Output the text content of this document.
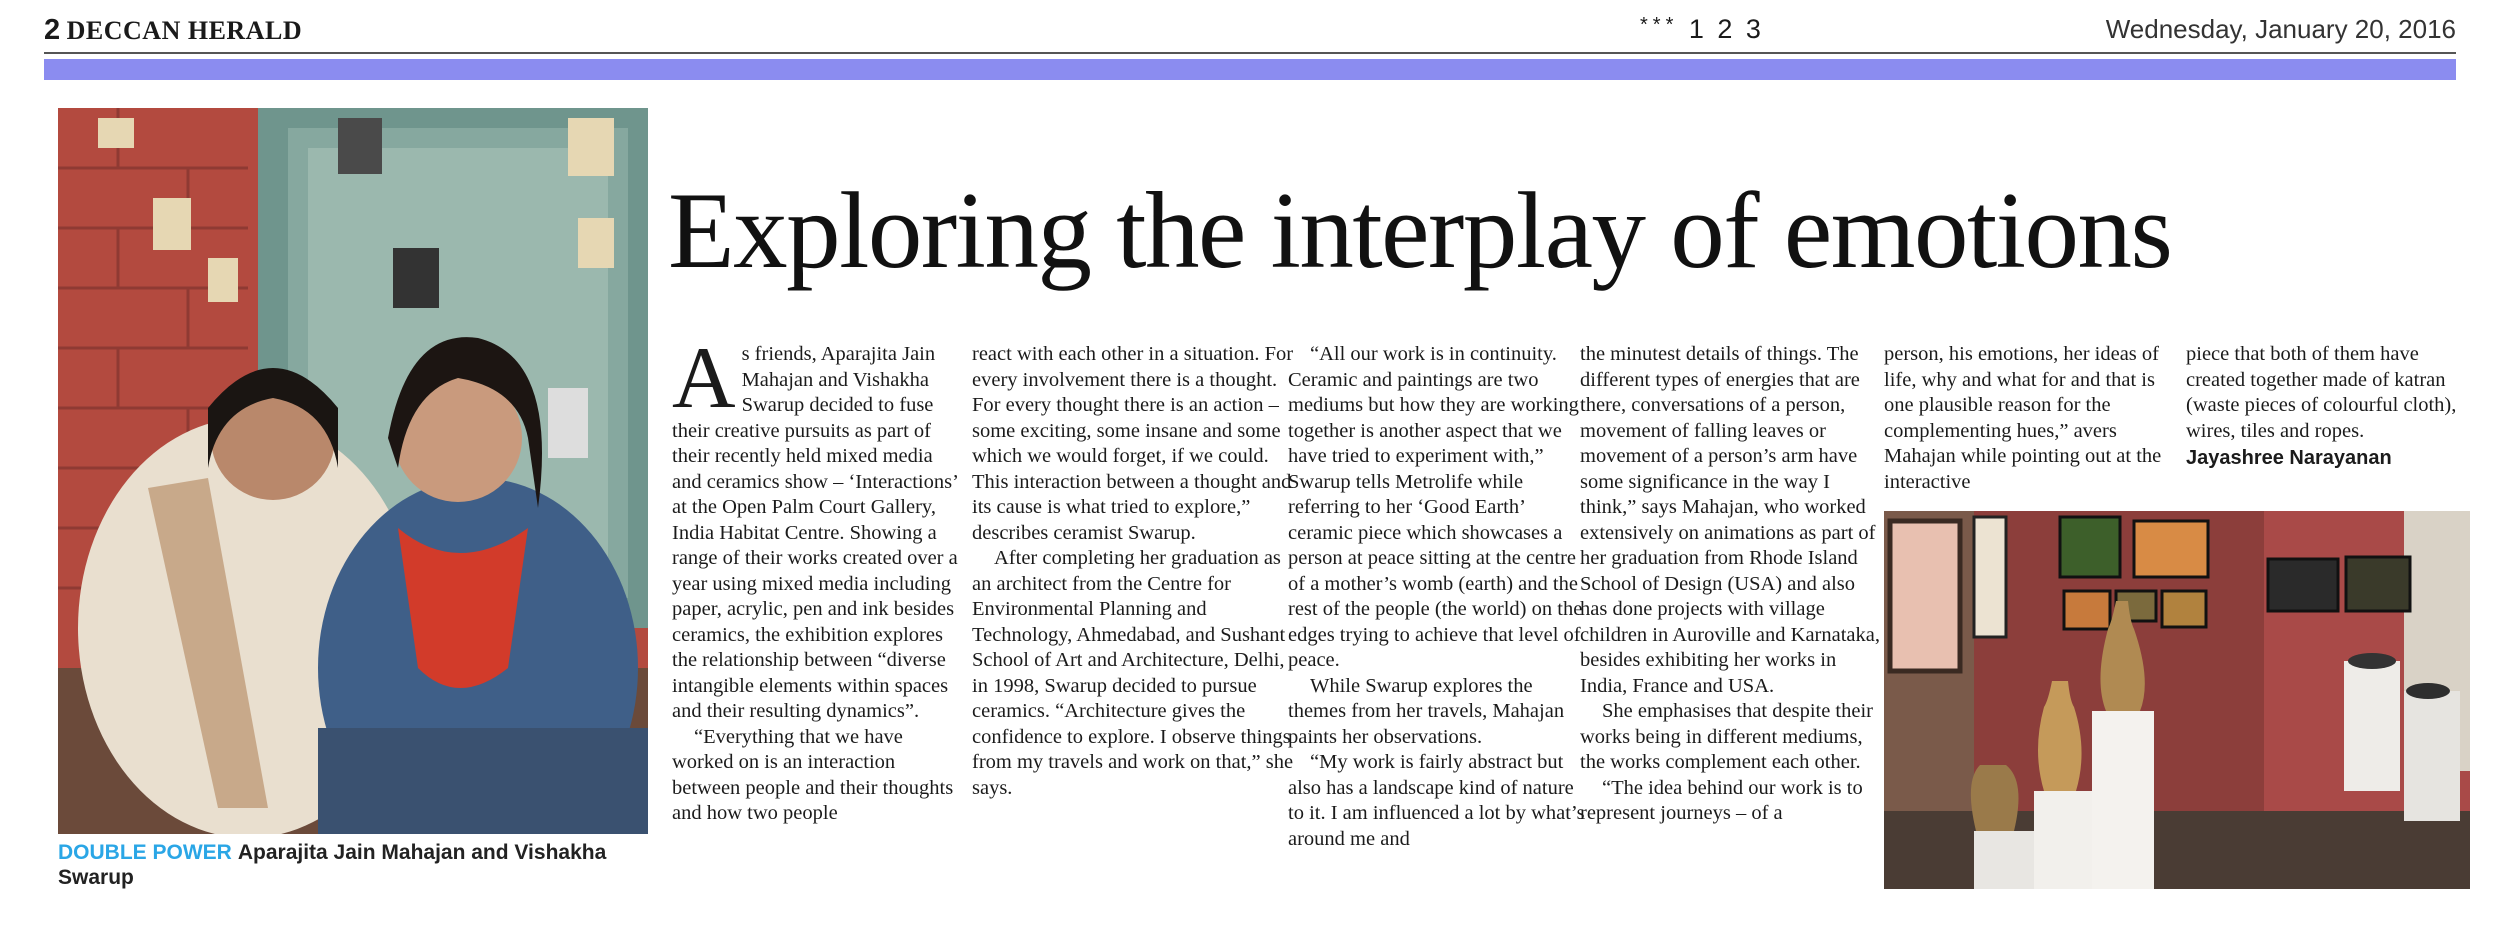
2 DECCAN HERALD	*** 1 2 3	Wednesday, January 20, 2016
DOUBLE POWER Aparajita Jain Mahajan and Vishakha Swarup
Exploring the interplay of emotions

As friends, Aparajita Jain Mahajan and Vishakha Swarup decided to fuse their creative pursuits as part of their recently held mixed media and ceramics show – ‘Interactions’ at the Open Palm Court Gallery, India Habitat Centre. Showing a range of their works created over a year using mixed media including paper, acrylic, pen and ink besides ceramics, the exhibition explores the relationship between “diverse intangible elements within spaces and their resulting dynamics”.

“Everything that we have worked on is an interaction between people and their thoughts and how two people

react with each other in a situation. For every involvement there is a thought. For every thought there is an action – some exciting, some insane and some which we would forget, if we could. This interaction between a thought and its cause is what tried to explore,” describes ceramist Swarup.

After completing her graduation as an architect from the Centre for Environmental Planning and Technology, Ahmedabad, and Sushant School of Art and Architecture, Delhi, in 1998, Swarup decided to pursue ceramics. “Architecture gives the confidence to explore. I observe things from my travels and work on that,” she says.

“All our work is in continuity. Ceramic and paintings are two mediums but how they are working together is another aspect that we have tried to experiment with,” Swarup tells Metrolife while referring to her ‘Good Earth’ ceramic piece which showcases a person at peace sitting at the centre of a mother’s womb (earth) and the rest of the people (the world) on the edges trying to achieve that level of peace.

While Swarup explores the themes from her travels, Mahajan paints her observations.

“My work is fairly abstract but also has a landscape kind of nature to it. I am influenced a lot by what’s around me and

the minutest details of things. The different types of energies that are there, conversations of a person, movement of falling leaves or movement of a person’s arm have some significance in the way I think,” says Mahajan, who worked extensively on animations as part of her graduation from Rhode Island School of Design (USA) and also has done projects with village children in Auroville and Karnataka, besides exhibiting her works in India, France and USA.

She emphasises that despite their works being in different mediums, the works complement each other.

“The idea behind our work is to represent journeys – of a

person, his emotions, her ideas of life, why and what for and that is one plausible reason for the complementing hues,” avers Mahajan while pointing out at the interactive

piece that both of them have created together made of katran (waste pieces of colourful cloth), wires, tiles and ropes.

Jayashree Narayanan
